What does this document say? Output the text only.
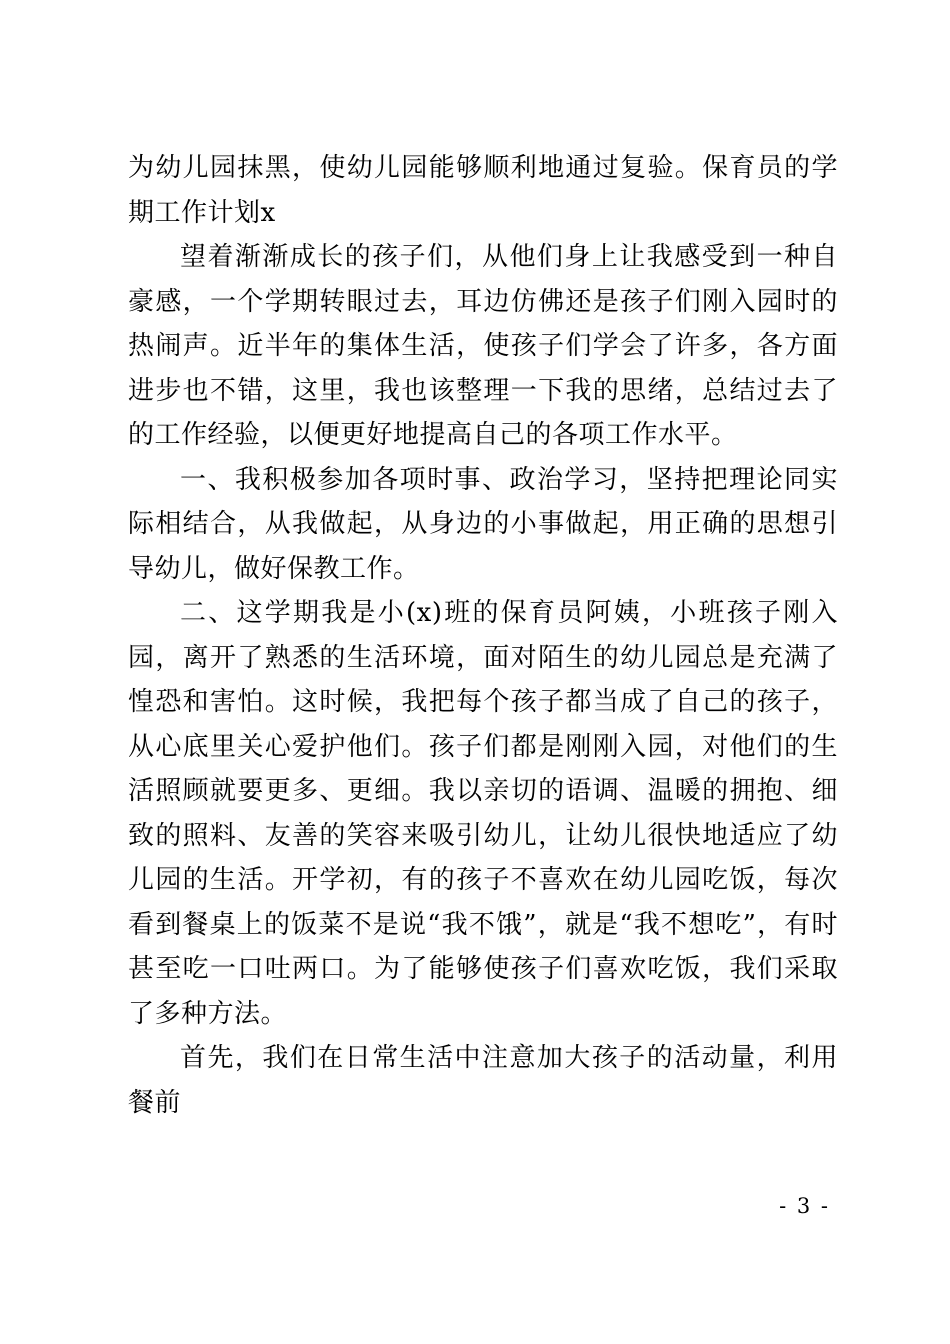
为幼儿园抹黑，使幼儿园能够顺利地通过复验。保育员的学期工作计划x

望着渐渐成长的孩子们，从他们身上让我感受到一种自豪感，一个学期转眼过去，耳边仿佛还是孩子们刚入园时的热闹声。近半年的集体生活，使孩子们学会了许多，各方面进步也不错，这里，我也该整理一下我的思绪，总结过去了的工作经验，以便更好地提高自己的各项工作水平。

一、我积极参加各项时事、政治学习，坚持把理论同实际相结合，从我做起，从身边的小事做起，用正确的思想引导幼儿，做好保教工作。

二、这学期我是小(x)班的保育员阿姨，小班孩子刚入园，离开了熟悉的生活环境，面对陌生的幼儿园总是充满了惶恐和害怕。这时候，我把每个孩子都当成了自己的孩子，从心底里关心爱护他们。孩子们都是刚刚入园，对他们的生活照顾就要更多、更细。我以亲切的语调、温暖的拥抱、细致的照料、友善的笑容来吸引幼儿，让幼儿很快地适应了幼儿园的生活。开学初，有的孩子不喜欢在幼儿园吃饭，每次看到餐桌上的饭菜不是说“我不饿”，就是“我不想吃”，有时甚至吃一口吐两口。为了能够使孩子们喜欢吃饭，我们采取了多种方法。

首先，我们在日常生活中注意加大孩子的活动量，利用餐前

- 3 -
